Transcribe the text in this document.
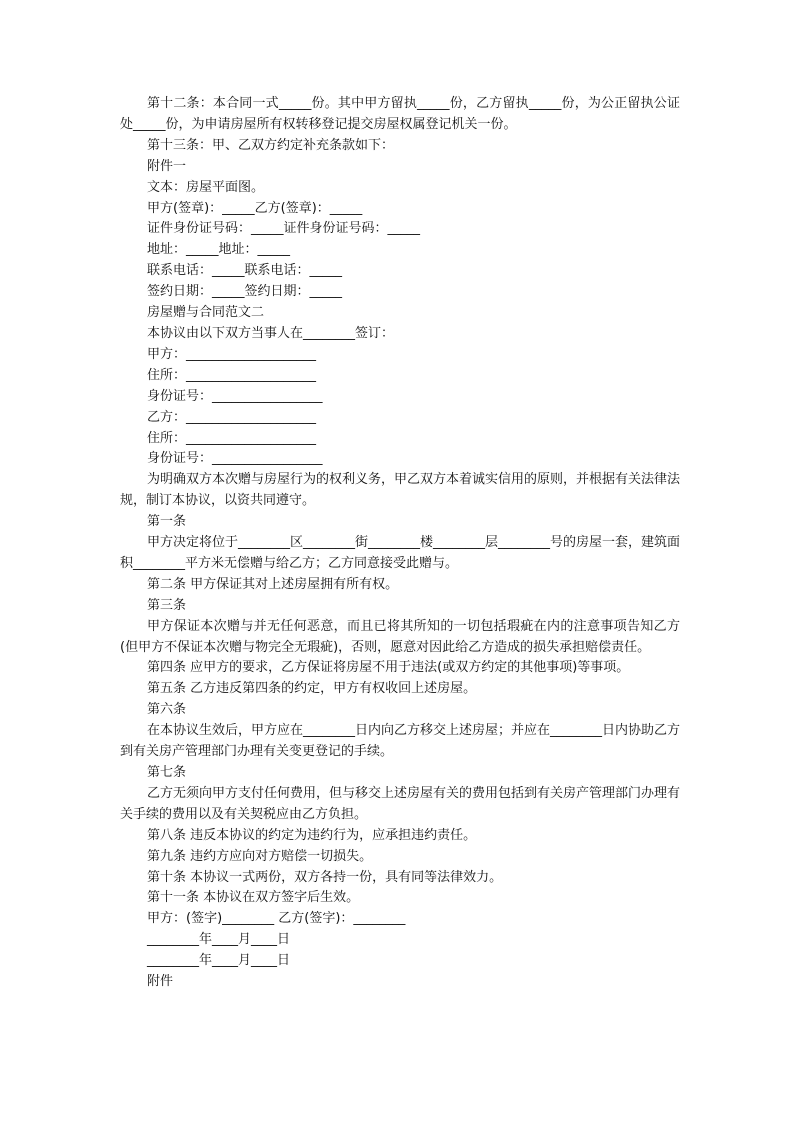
第十二条：本合同一式_____份。其中甲方留执_____份，乙方留执_____份，为公正留执公证处_____份，为申请房屋所有权转移登记提交房屋权属登记机关一份。

第十三条：甲、乙双方约定补充条款如下：

附件一

文本：房屋平面图。

甲方(签章)：_____乙方(签章)：_____

证件身份证号码：_____证件身份证号码：_____

地址：_____地址：_____

联系电话：_____联系电话：_____

签约日期：_____签约日期：_____

房屋赠与合同范文二

本协议由以下双方当事人在________签订：

甲方：____________________

住所：____________________

身份证号：_________________

乙方：____________________

住所：____________________

身份证号：_________________

为明确双方本次赠与房屋行为的权利义务，甲乙双方本着诚实信用的原则，并根据有关法律法规，制订本协议，以资共同遵守。

第一条

甲方决定将位于________区________街________楼________层________号的房屋一套，建筑面积________平方米无偿赠与给乙方；乙方同意接受此赠与。

第二条 甲方保证其对上述房屋拥有所有权。

第三条

甲方保证本次赠与并无任何恶意，而且已将其所知的一切包括瑕疵在内的注意事项告知乙方(但甲方不保证本次赠与物完全无瑕疵)，否则，愿意对因此给乙方造成的损失承担赔偿责任。

第四条 应甲方的要求，乙方保证将房屋不用于违法(或双方约定的其他事项)等事项。

第五条 乙方违反第四条的约定，甲方有权收回上述房屋。

第六条

在本协议生效后，甲方应在________日内向乙方移交上述房屋；并应在________日内协助乙方到有关房产管理部门办理有关变更登记的手续。

第七条

乙方无须向甲方支付任何费用，但与移交上述房屋有关的费用包括到有关房产管理部门办理有关手续的费用以及有关契税应由乙方负担。

第八条 违反本协议的约定为违约行为，应承担违约责任。

第九条 违约方应向对方赔偿一切损失。

第十条 本协议一式两份，双方各持一份，具有同等法律效力。

第十一条 本协议在双方签字后生效。

甲方：(签字)________ 乙方(签字)：________

________年____月____日

________年____月____日

附件
